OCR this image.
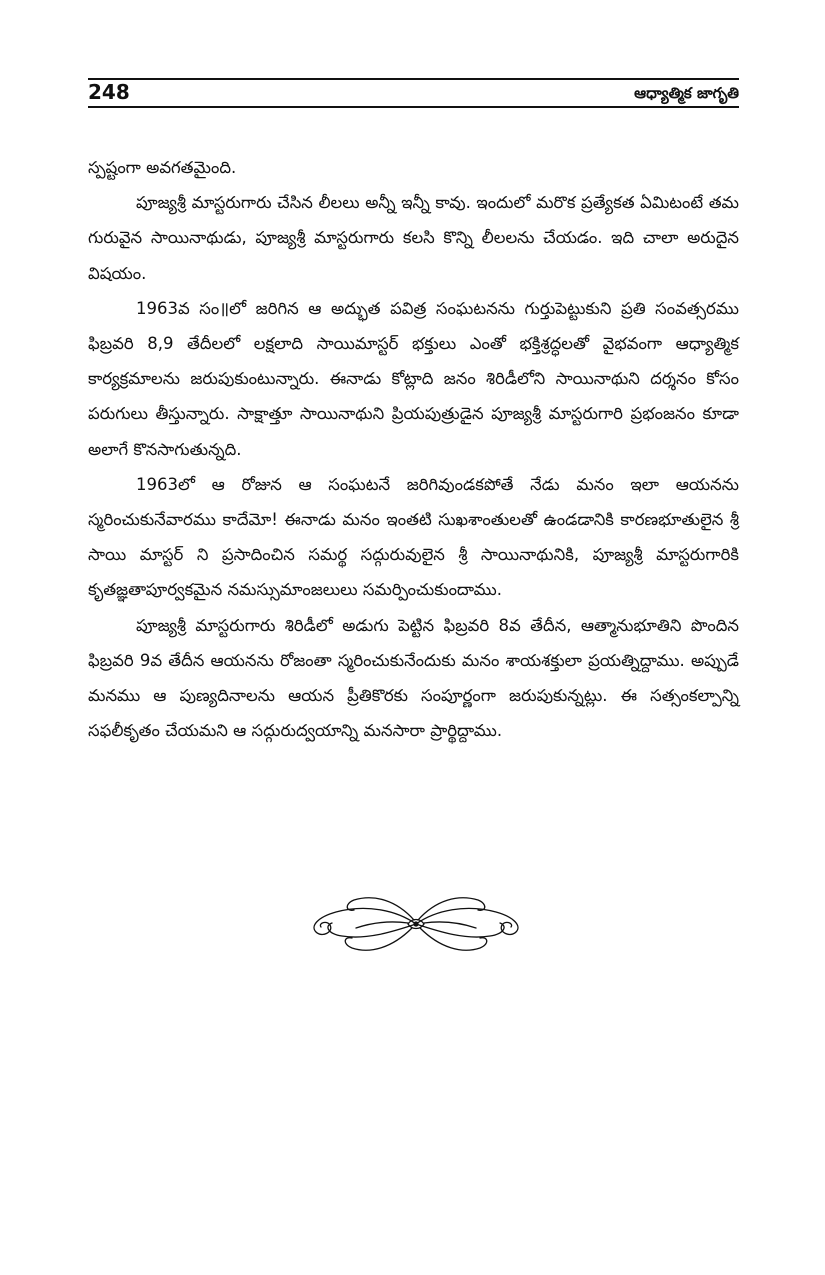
248	ఆధ్యాత్మిక జాగృతి

స్పష్టంగా అవగతమైంది.

పూజ్యశ్రీ మాస్టరుగారు చేసిన లీలలు అన్నీ ఇన్నీ కావు. ఇందులో మరొక ప్రత్యేకత ఏమిటంటే తమ గురువైన సాయినాథుడు, పూజ్యశ్రీ మాస్టరుగారు కలసి కొన్ని లీలలను చేయడం. ఇది చాలా అరుదైన విషయం.

1963వ సం॥లో జరిగిన ఆ అద్భుత పవిత్ర సంఘటనను గుర్తుపెట్టుకుని ప్రతి సంవత్సరము ఫిబ్రవరి 8,9 తేదీలలో లక్షలాది సాయిమాస్టర్ భక్తులు ఎంతో భక్తిశ్రద్ధలతో వైభవంగా ఆధ్యాత్మిక కార్యక్రమాలను జరుపుకుంటున్నారు. ఈనాడు కోట్లాది జనం శిరిడీలోని సాయినాథుని దర్శనం కోసం పరుగులు తీస్తున్నారు. సాక్షాత్తూ సాయినాథుని ప్రియపుత్రుడైన పూజ్యశ్రీ మాస్టరుగారి ప్రభంజనం కూడా అలాగే కొనసాగుతున్నది.

1963లో ఆ రోజున ఆ సంఘటనే జరిగివుండకపోతే నేడు మనం ఇలా ఆయనను స్మరించుకునేవారము కాదేమో! ఈనాడు మనం ఇంతటి సుఖశాంతులతో ఉండడానికి కారణభూతులైన శ్రీ సాయి మాస్టర్ ని ప్రసాదించిన సమర్థ సద్గురువులైన శ్రీ సాయినాథునికి, పూజ్యశ్రీ మాస్టరుగారికి కృతజ్ఞతాపూర్వకమైన నమస్సుమాంజలులు సమర్పించుకుందాము.

పూజ్యశ్రీ మాస్టరుగారు శిరిడీలో అడుగు పెట్టిన ఫిబ్రవరి 8వ తేదీన, ఆత్మానుభూతిని పొందిన ఫిబ్రవరి 9వ తేదీన ఆయనను రోజంతా స్మరించుకునేందుకు మనం శాయశక్తులా ప్రయత్నిద్దాము. అప్పుడే మనము ఆ పుణ్యదినాలను ఆయన ప్రీతికొరకు సంపూర్ణంగా జరుపుకున్నట్లు. ఈ సత్సంకల్పాన్ని సఫలీకృతం చేయమని ఆ సద్గురుద్వయాన్ని మనసారా ప్రార్థిద్దాము.
